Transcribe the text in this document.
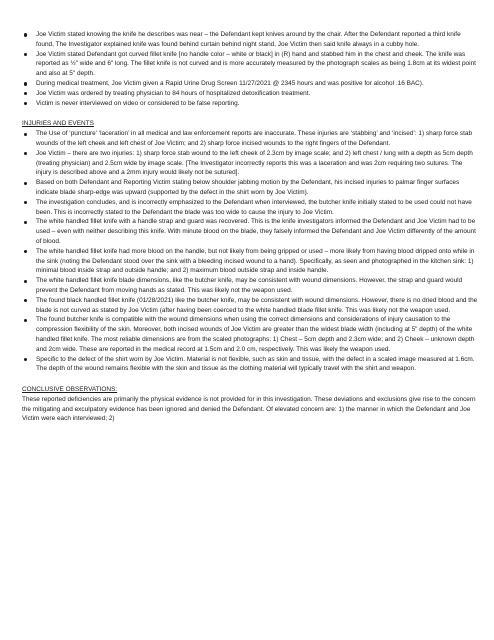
Joe Victim stated knowing the knife he describes was near – the Defendant kept knives around by the chair. After the Defendant reported a third knife found, The Investigator explained knife was found behind curtain behind night stand, Joe Victim then said knife always in a cubby hole.
Joe Victim stated Defendant got curved fillet knife [no handle color – white or black] in (R) hand and stabbed him in the chest and cheek. The knife was reported as ½" wide and 6" long. The fillet knife is not curved and is more accurately measured by the photograph scales as being 1.8cm at its widest point and also at 5" depth.
During medical treatment, Joe Victim given a Rapid Urine Drug Screen 11/27/2021 @ 2345 hours and was positive for alcohol .16 BAC).
Joe Victim was ordered by treating physician to 84 hours of hospitalized detoxification treatment.
Victim is never interviewed on video or considered to be false reporting.

INJURIES AND EVENTS

The Use of ‘puncture’ ‘laceration’ in all medical and law enforcement reports are inaccurate. These injuries are ‘stabbing’ and ‘incised’: 1) sharp force stab wounds of the left cheek and left chest of Joe Victim; and 2) sharp force incised wounds to the right fingers of the Defendant.
Joe Victim – there are two injuries: 1) sharp force stab wound to the left cheek of 2.3cm by image scale; and 2) left chest / lung with a depth as 5cm depth (treating physician) and 2.5cm wide by image scale. [The Investigator incorrectly reports this was a laceration and was 2cm requiring two sutures. The injury is described above and a 2mm injury would likely not be sutured].
Based on both Defendant and Reporting Victim stating below shoulder jabbing motion by the Defendant, his incised injuries to palmar finger surfaces indicate blade sharp-edge was upward (supported by the defect in the shirt worn by Joe Victim).
The investigation concludes, and is incorrectly emphasized to the Defendant when interviewed, the butcher knife initially stated to be used could not have been. This is incorrectly stated to the Defendant the blade was too wide to cause the injury to Joe Victim.
The white handled fillet knife with a handle strap and guard was recovered. This is the knife investigators informed the Defendant and Joe Victim had to be used – even with neither describing this knife. With minute blood on the blade, they falsely informed the Defendant and Joe Victim differently of the amount of blood.
The white handled fillet knife had more blood on the handle, but not likely from being gripped or used – more likely from having blood dripped onto while in the sink (noting the Defendant stood over the sink with a bleeding incised wound to a hand). Specifically, as seen and photographed in the kitchen sink: 1) minimal blood inside strap and outside handle; and 2) maximum blood outside strap and inside handle.
The white handled fillet knife blade dimensions, like the butcher knife, may be consistent with wound dimensions. However, the strap and guard would prevent the Defendant from moving hands as stated. This was likely not the weapon used.
The found black handled fillet knife (01/28/2021) like the butcher knife, may be consistent with wound dimensions. However, there is no dried blood and the blade is not curved as stated by Joe Victim (after having been coerced to the white handled blade fillet knife. This was likely not the weapon used.
The found butcher knife is compatible with the wound dimensions when using the correct dimensions and considerations of injury causation to the compression flexibility of the skin. Moreover, both incised wounds of Joe Victim are greater than the widest blade width (including at 5" depth) of the white handled fillet knife. The most reliable dimensions are from the scaled photographs: 1) Chest – 5cm depth and 2.3cm wide; and 2) Cheek – unknown depth and 2cm wide. These are reported in the medical record at 1.5cm and 2.0 cm, respectively. This was likely the weapon used.
Specific to the defect of the shirt worn by Joe Victim. Material is not flexible, such as skin and tissue, with the defect in a scaled image measured at 1.6cm. The depth of the wound remains flexible with the skin and tissue as the clothing material will typically travel with the shirt and weapon.

CONCLUSIVE OBSERVATIONS:

These reported deficiencies are primarily the physical evidence is not provided for in this investigation. These deviations and exclusions give rise to the concern the mitigating and exculpatory evidence has been ignored and denied the Defendant. Of elevated concern are: 1) the manner in which the Defendant and Joe Victim were each interviewed; 2)
